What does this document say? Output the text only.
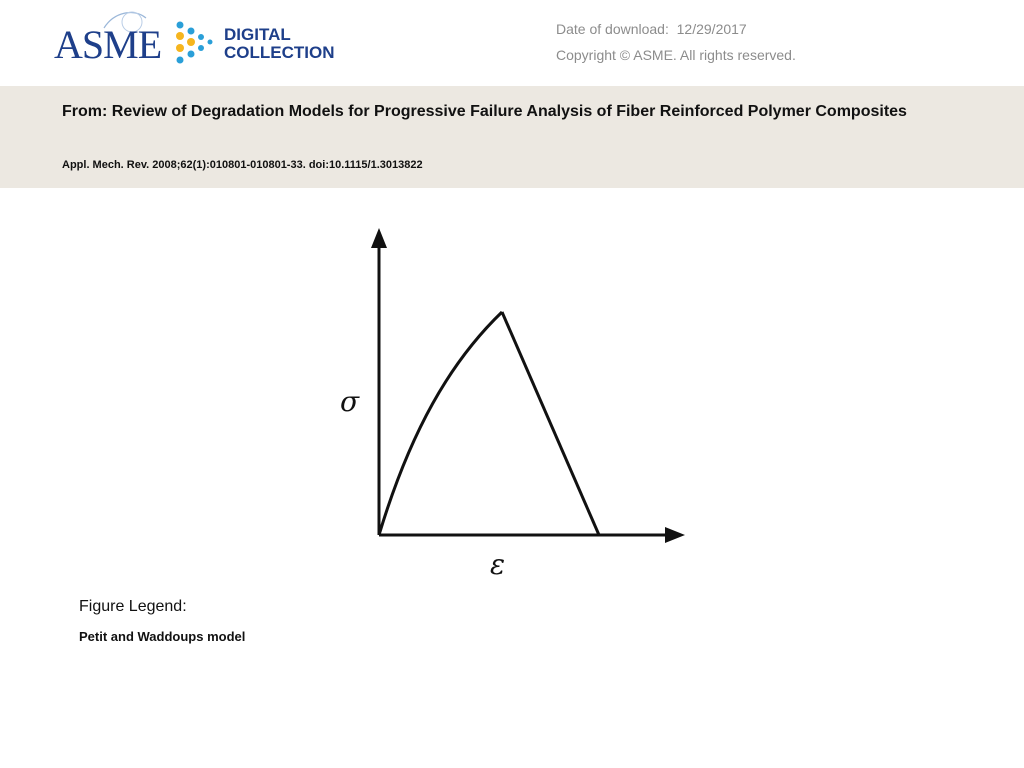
ASME	DIGITAL
COLLECTION
Date of download: 12/29/2017
Copyright © ASME. All rights reserved.
From: Review of Degradation Models for Progressive Failure Analysis of Fiber Reinforced Polymer Composites
Appl. Mech. Rev. 2008;62(1):010801-010801-33. doi:10.1115/1.3013822
σ
ε
Figure Legend:
Petit and Waddoups model
